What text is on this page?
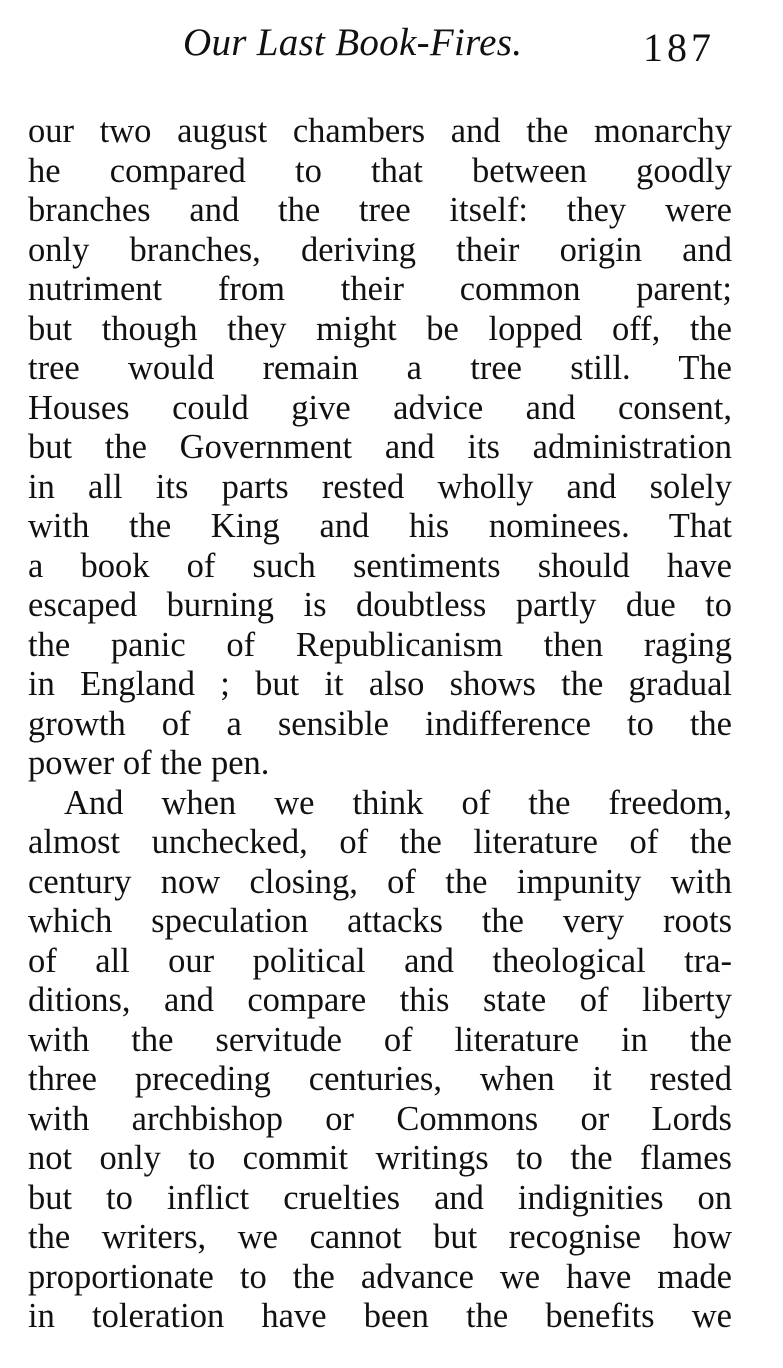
Our Last Book-Fires.	187
our two august chambers and the monarchy
he compared to that between goodly
branches and the tree itself: they were
only branches, deriving their origin and
nutriment from their common parent;
but though they might be lopped off, the
tree would remain a tree still. The
Houses could give advice and consent,
but the Government and its administration
in all its parts rested wholly and solely
with the King and his nominees. That
a book of such sentiments should have
escaped burning is doubtless partly due to
the panic of Republicanism then raging
in England ; but it also shows the gradual
growth of a sensible indifference to the
power of the pen.
And when we think of the freedom,
almost unchecked, of the literature of the
century now closing, of the impunity with
which speculation attacks the very roots
of all our political and theological tra-
ditions, and compare this state of liberty
with the servitude of literature in the
three preceding centuries, when it rested
with archbishop or Commons or Lords
not only to commit writings to the flames
but to inflict cruelties and indignities on
the writers, we cannot but recognise how
proportionate to the advance we have made
in toleration have been the benefits we
